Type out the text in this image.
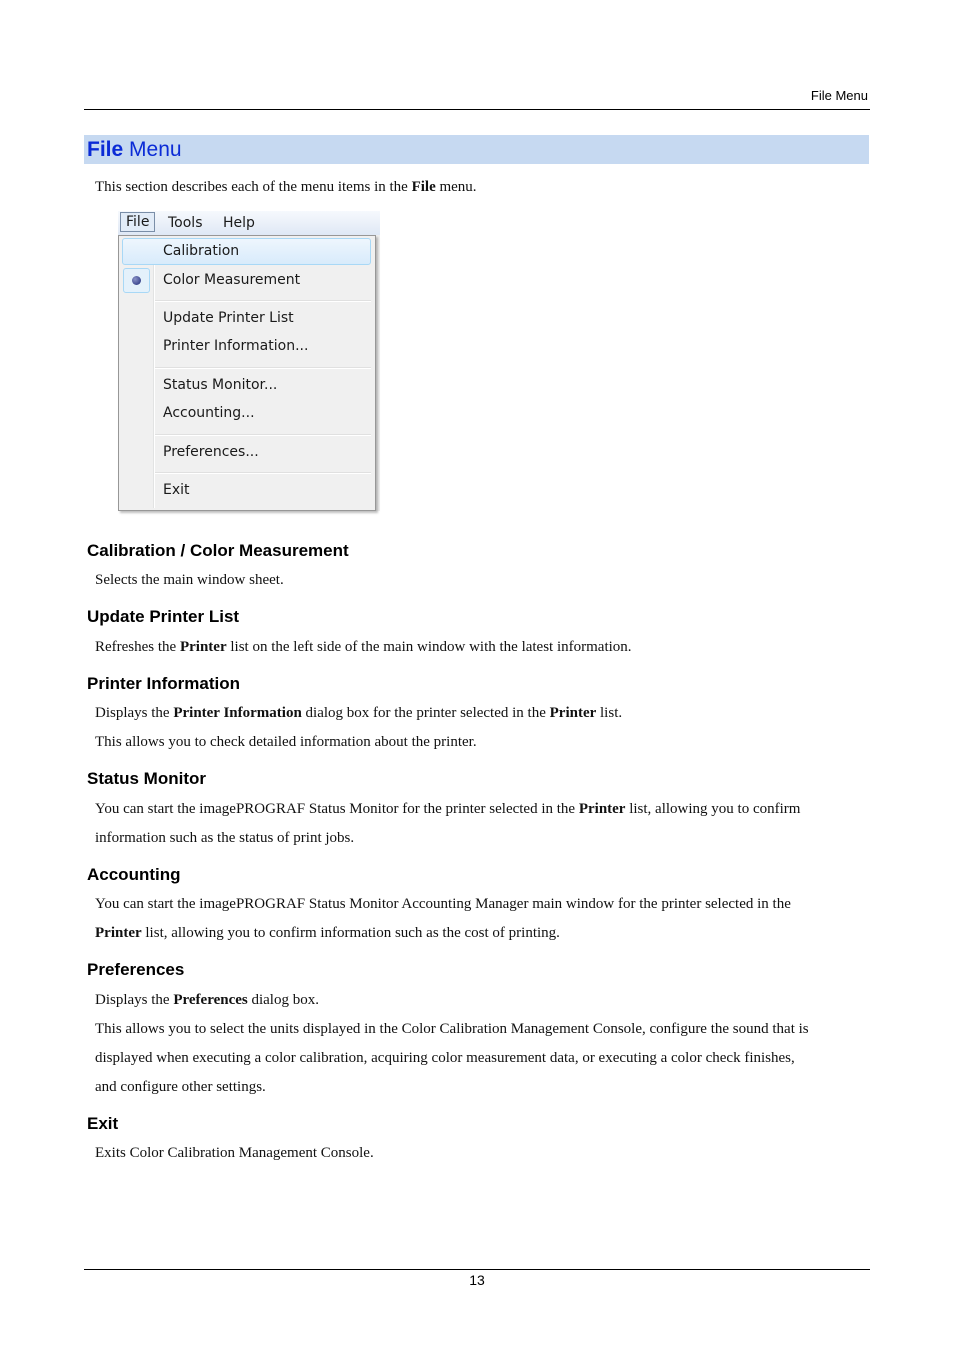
File Menu
File Menu
This section describes each of the menu items in the File menu.
File	Tools Help
Calibration
Color Measurement
Update Printer List
Printer Information...
Status Monitor...
Accounting...
Preferences...
Exit
Calibration / Color Measurement
Selects the main window sheet.
Update Printer List
Refreshes the Printer list on the left side of the main window with the latest information.
Printer Information
Displays the Printer Information dialog box for the printer selected in the Printer list.
This allows you to check detailed information about the printer.
Status Monitor
You can start the imagePROGRAF Status Monitor for the printer selected in the Printer list, allowing you to confirm
information such as the status of print jobs.
Accounting
You can start the imagePROGRAF Status Monitor Accounting Manager main window for the printer selected in the
Printer list, allowing you to confirm information such as the cost of printing.
Preferences
Displays the Preferences dialog box.
This allows you to select the units displayed in the Color Calibration Management Console, configure the sound that is
displayed when executing a color calibration, acquiring color measurement data, or executing a color check finishes,
and configure other settings.
Exit
Exits Color Calibration Management Console.
13
